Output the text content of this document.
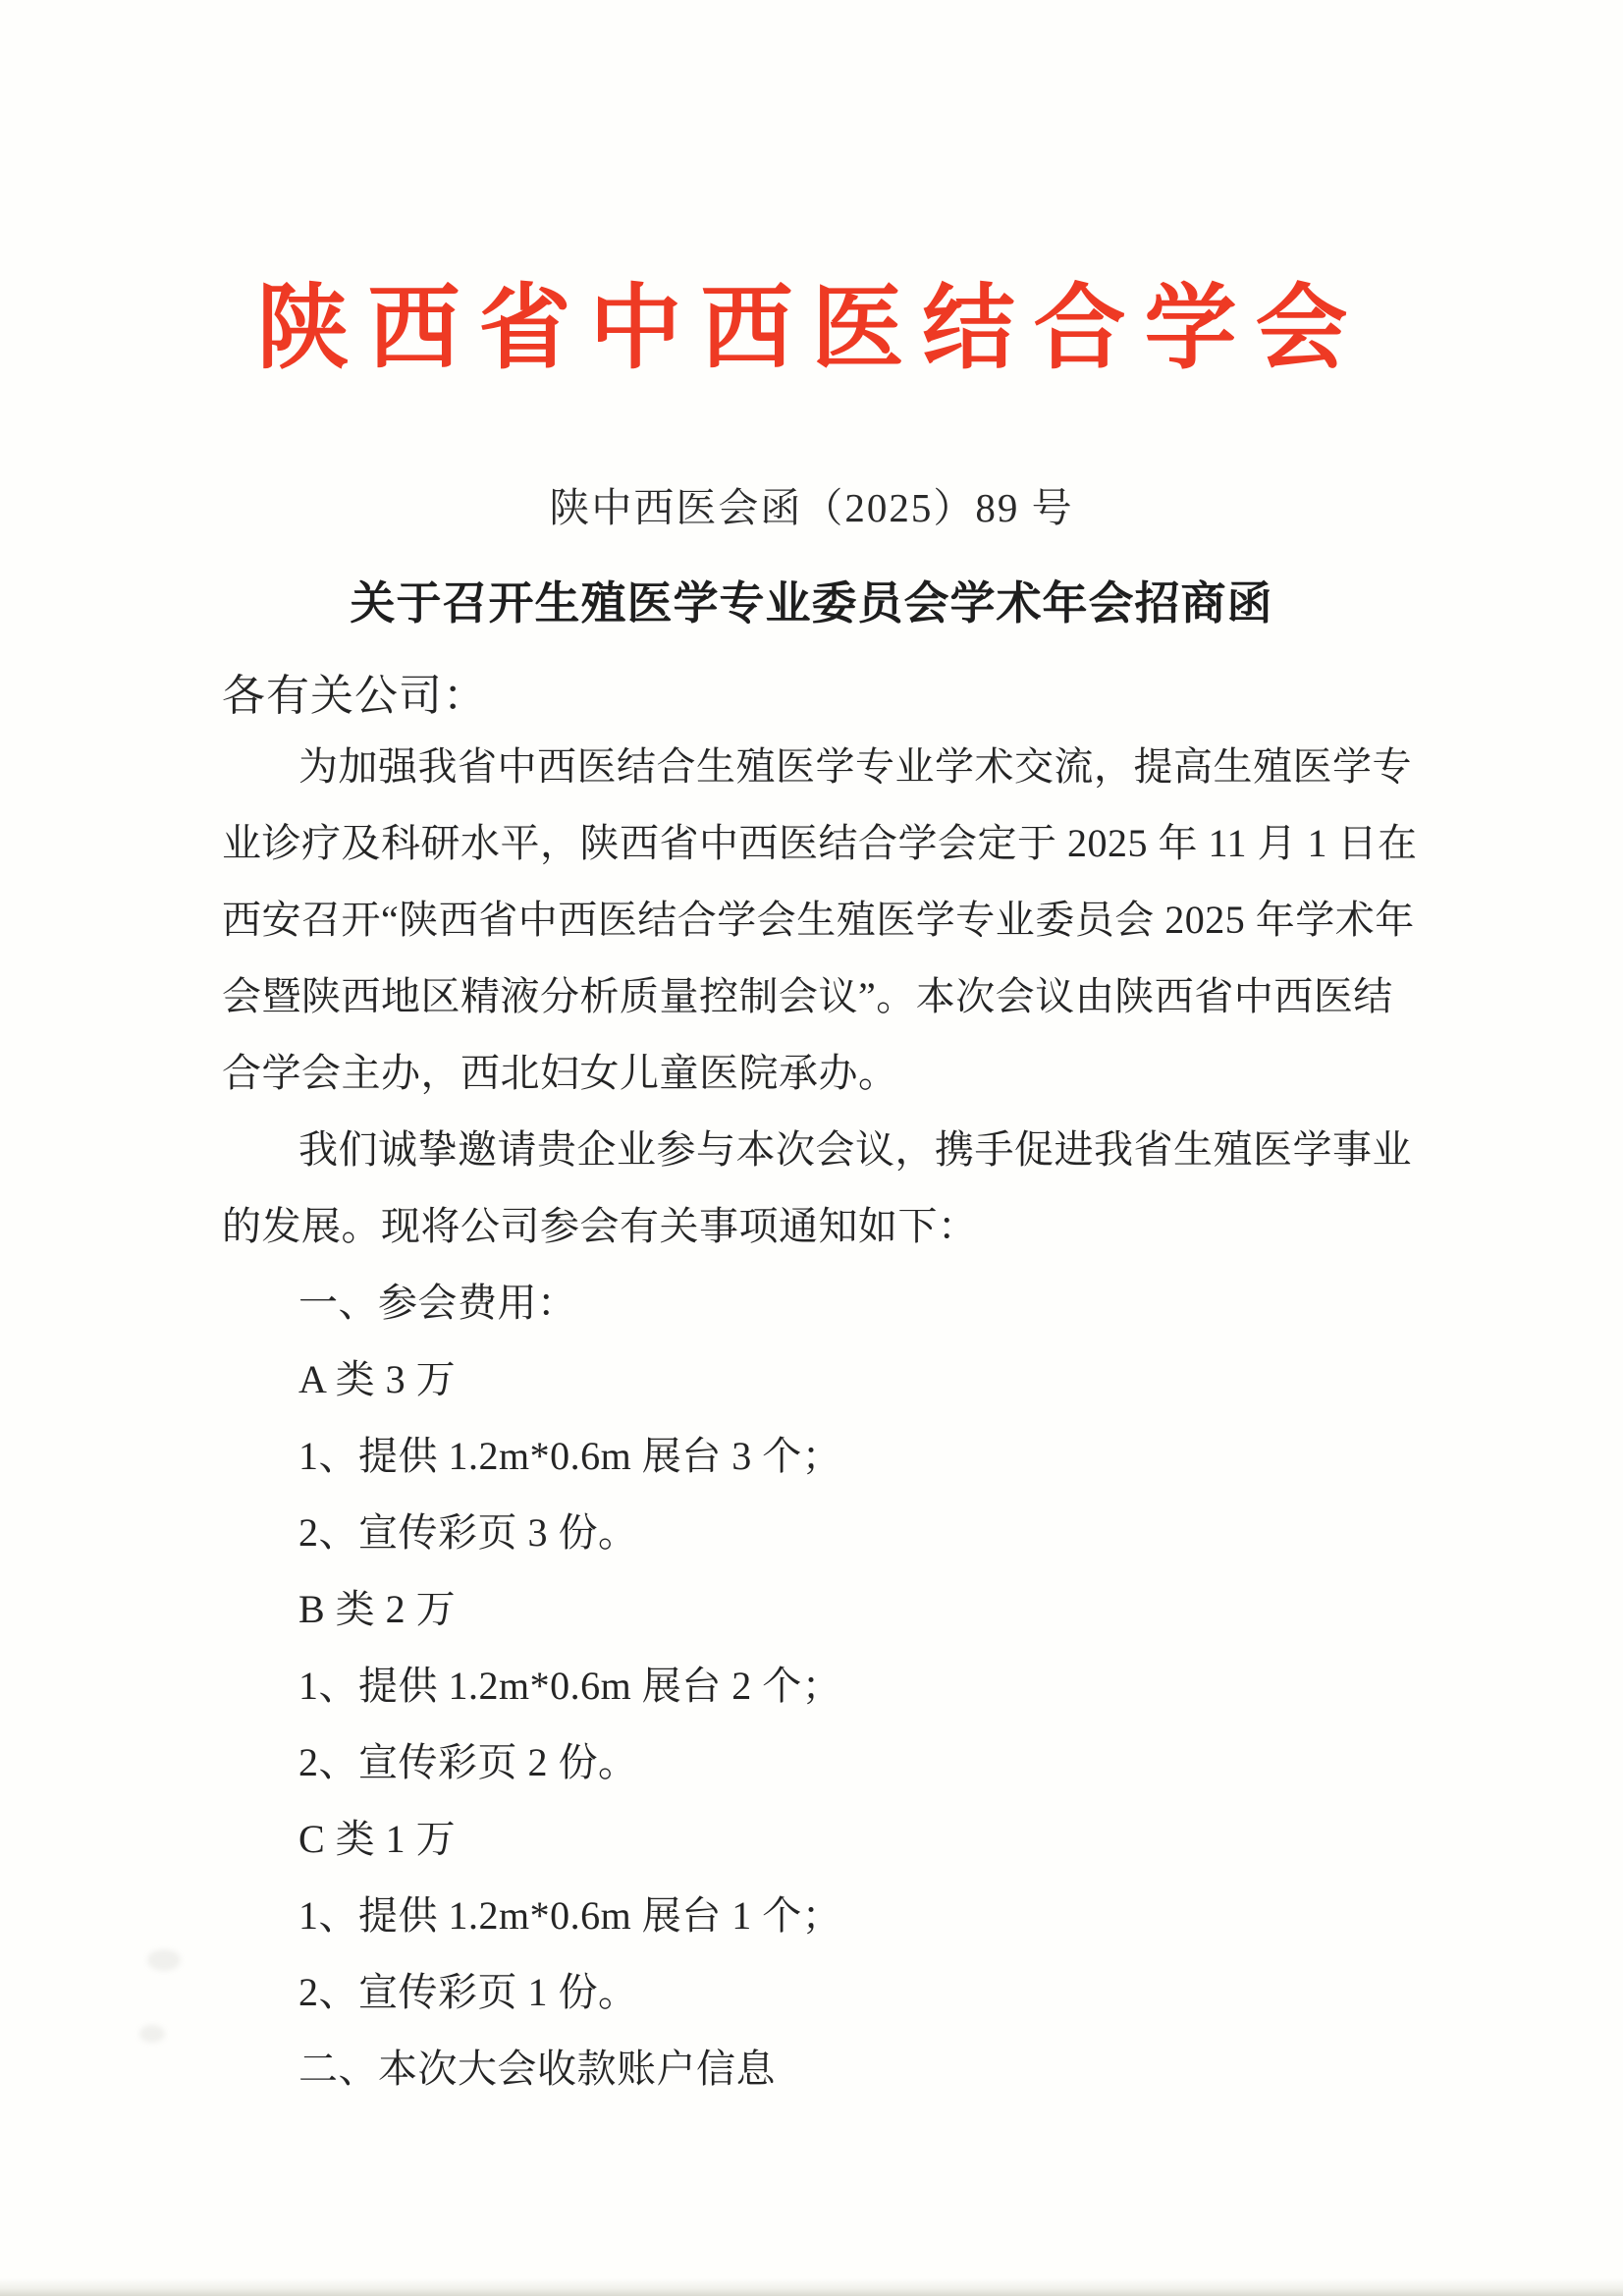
陕西省中西医结合学会
陕中西医会函（2025）89 号
关于召开生殖医学专业委员会学术年会招商函
各有关公司：
为加强我省中西医结合生殖医学专业学术交流，提高生殖医学专
业诊疗及科研水平，陕西省中西医结合学会定于 2025 年 11 月 1 日在
西安召开“陕西省中西医结合学会生殖医学专业委员会 2025 年学术年
会暨陕西地区精液分析质量控制会议”。本次会议由陕西省中西医结
合学会主办，西北妇女儿童医院承办。
我们诚挚邀请贵企业参与本次会议，携手促进我省生殖医学事业
的发展。现将公司参会有关事项通知如下：
一、参会费用：
A 类 3 万
1、提供 1.2m*0.6m 展台 3 个；
2、宣传彩页 3 份。
B 类 2 万
1、提供 1.2m*0.6m 展台 2 个；
2、宣传彩页 2 份。
C 类 1 万
1、提供 1.2m*0.6m 展台 1 个；
2、宣传彩页 1 份。
二、本次大会收款账户信息
